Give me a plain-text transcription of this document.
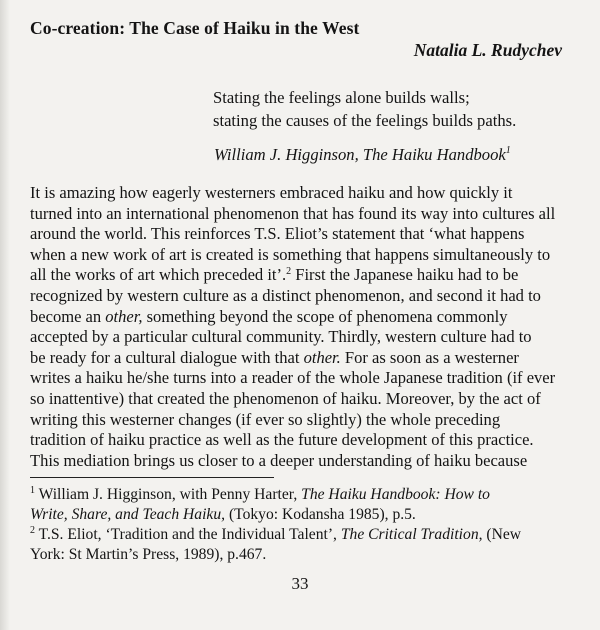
Co-creation: The Case of Haiku in the West
Natalia L. Rudychev
Stating the feelings alone builds walls;
stating the causes of the feelings builds paths.
William J. Higginson, The Haiku Handbook$^1$

It is amazing how eagerly westerners embraced haiku and how quickly it

turned into an international phenomenon that has found its way into cultures all

around the world. This reinforces T.S. Eliot’s statement that ‘what happens

when a new work of art is created is something that happens simultaneously to

all the works of art which preceded it’.$^2$ First the Japanese haiku had to be

recognized by western culture as a distinct phenomenon, and second it had to

become an other, something beyond the scope of phenomena commonly

accepted by a particular cultural community. Thirdly, western culture had to

be ready for a cultural dialogue with that other. For as soon as a westerner

writes a haiku he/she turns into a reader of the whole Japanese tradition (if ever

so inattentive) that created the phenomenon of haiku. Moreover, by the act of

writing this westerner changes (if ever so slightly) the whole preceding

tradition of haiku practice as well as the future development of this practice.

This mediation brings us closer to a deeper understanding of haiku because

$^1$ William J. Higginson, with Penny Harter, The Haiku Handbook: How to
Write, Share, and Teach Haiku, (Tokyo: Kodansha 1985), p.5.
$^2$ T.S. Eliot, ‘Tradition and the Individual Talent’, The Critical Tradition, (New
York: St Martin’s Press, 1989), p.467.
33
